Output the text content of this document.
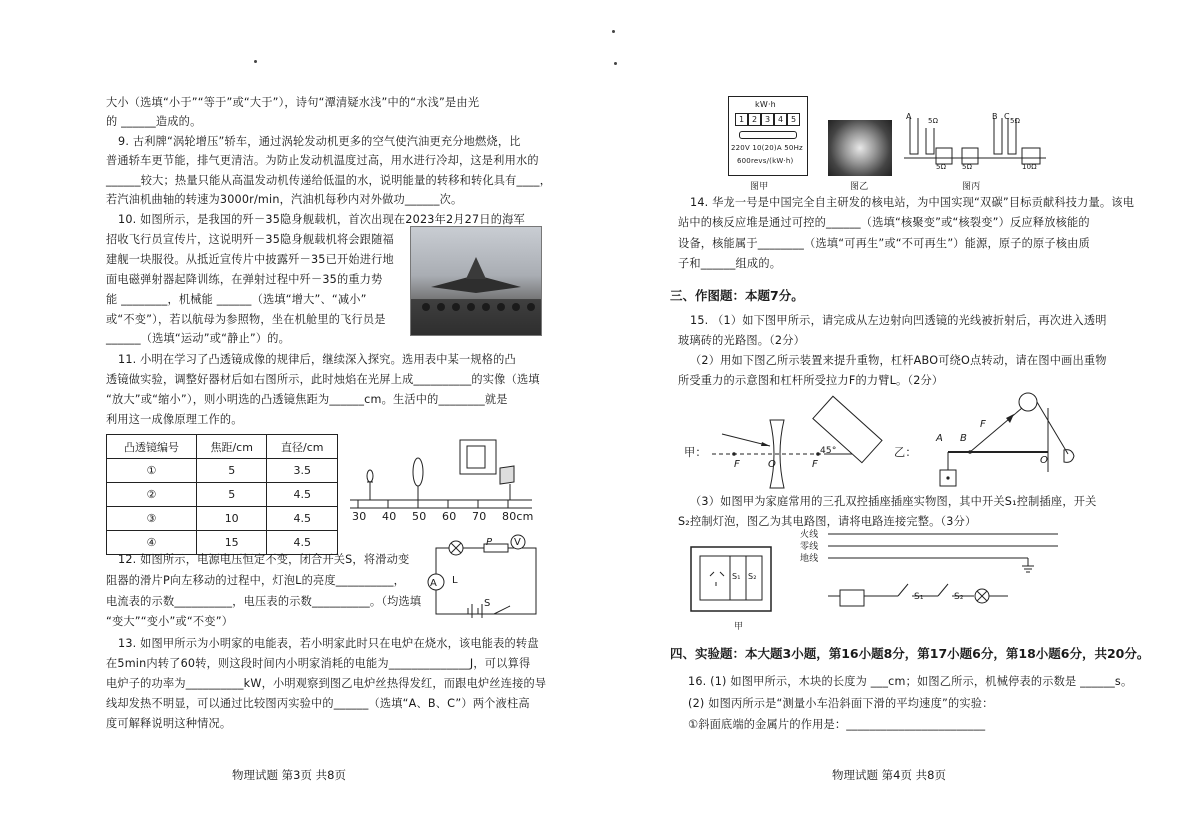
大小（选填“小于”“等于”或“大于”），诗句“潭清疑水浅”中的“水浅”是由光
的 ______造成的。
9. 古利牌“涡轮增压”轿车，通过涡轮发动机更多的空气使汽油更充分地燃烧，比
普通轿车更节能，排气更清洁。为防止发动机温度过高，用水进行冷却，这是利用水的
______较大；热量只能从高温发动机传递给低温的水，说明能量的转移和转化具有____，
若汽油机曲轴的转速为3000r/min，汽油机每秒内对外做功______次。
10. 如图所示，是我国的歼－35隐身舰载机，首次出现在2023年2月27日的海军
招收飞行员宣传片，这说明歼－35隐身舰载机将会跟随福
建舰一块服役。从抵近宣传片中披露歼－35已开始进行地
面电磁弹射器起降训练，在弹射过程中歼－35的重力势
能 ________，机械能 ______（选填“增大”、“减小”
或“不变”），若以航母为参照物，坐在机舱里的飞行员是
______（选填“运动”或“静止”）的。
11. 小明在学习了凸透镜成像的规律后，继续深入探究。选用表中某一规格的凸
透镜做实验，调整好器材后如右图所示，此时烛焰在光屏上成__________的实像（选填
“放大”或“缩小”），则小明选的凸透镜焦距为______cm。生活中的________就是
利用这一成像原理工作的。
凸透镜编号	焦距/cm	直径/cm
①	5	3.5
②	5	4.5
③	10	4.5
④	15	4.5
30 40 50 60 70 80cm
12. 如图所示，电源电压恒定不变，闭合开关S，将滑动变
阻器的滑片P向左移动的过程中，灯泡L的亮度__________，
电流表的示数__________，电压表的示数__________。（均选填
“变大”“变小”或“不变”）
A
V
L
P
S
13. 如图甲所示为小明家的电能表，若小明家此时只在电炉在烧水，该电能表的转盘
在5min内转了60转，则这段时间内小明家消耗的电能为______________J，可以算得
电炉子的功率为__________kW，小明观察到图乙电炉丝热得发红，而跟电炉丝连接的导
线却发热不明显，可以通过比较图丙实验中的______（选填“A、B、C”）两个液柱高
度可解释说明这种情况。
物理试题 第3页 共8页
kW·h
1 2 3 4 5
220V 10(20)A 50Hz
600revs/(kW·h)
A	B C
5Ω
5Ω 5Ω
5Ω
10Ω
图甲	图乙	图丙
14. 华龙一号是中国完全自主研发的核电站，为中国实现“双碳”目标贡献科技力量。该电
站中的核反应堆是通过可控的______（选填“核聚变”或“核裂变”）反应释放核能的
设备，核能属于________（选填“可再生”或“不可再生”）能源，原子的原子核由质
子和______组成的。
三、作图题：本题7分。
15. （1）如下图甲所示，请完成从左边射向凹透镜的光线被折射后，再次进入透明
玻璃砖的光路图。（2分）
（2）用如下图乙所示装置来提升重物，杠杆ABO可绕O点转动，请在图中画出重物
所受重力的示意图和杠杆所受拉力F的力臂L。（2分）
甲：
F	O	F
45°	乙：
A B
F
O
（3）如图甲为家庭常用的三孔双控插座插座实物图，其中开关S₁控制插座，开关
S₂控制灯泡，图乙为其电路图，请将电路连接完整。（3分）
S₁ S₂
甲
火线
零线
地线
S₁	S₂
四、实验题：本大题3小题，第16小题8分，第17小题6分，第18小题6分，共20分。
16. (1) 如图甲所示，木块的长度为 ___cm；如图乙所示，机械停表的示数是 ______s。
(2) 如图丙所示是“测量小车沿斜面下滑的平均速度”的实验：
①斜面底端的金属片的作用是：________________________
物理试题 第4页 共8页
